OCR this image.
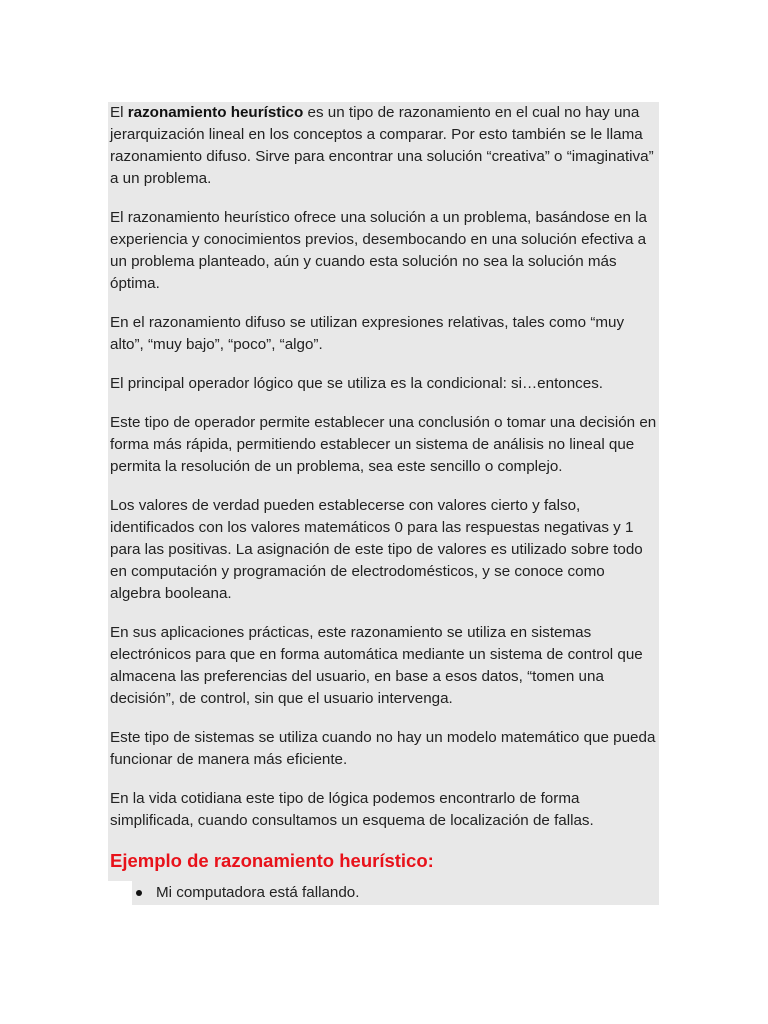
El razonamiento heurístico es un tipo de razonamiento en el cual no hay una jerarquización lineal en los conceptos a comparar. Por esto también se le llama razonamiento difuso. Sirve para encontrar una solución “creativa” o “imaginativa” a un problema.

El razonamiento heurístico ofrece una solución a un problema, basándose en la experiencia y conocimientos previos, desembocando en una solución efectiva a un problema planteado, aún y cuando esta solución no sea la solución más óptima.

En el razonamiento difuso se utilizan expresiones relativas, tales como “muy alto”, “muy bajo”, “poco”, “algo”.

El principal operador lógico que se utiliza es la condicional: si…entonces.

Este tipo de operador permite establecer una conclusión o tomar una decisión en forma más rápida, permitiendo establecer un sistema de análisis no lineal que permita la resolución de un problema, sea este sencillo o complejo.

Los valores de verdad pueden establecerse con valores cierto y falso, identificados con los valores matemáticos 0 para las respuestas negativas y 1 para las positivas. La asignación de este tipo de valores es utilizado sobre todo en computación y programación de electrodomésticos, y se conoce como algebra booleana.

En sus aplicaciones prácticas, este razonamiento se utiliza en sistemas electrónicos para que en forma automática mediante un sistema de control que almacena las preferencias del usuario, en base a esos datos, “tomen una decisión”, de control, sin que el usuario intervenga.

Este tipo de sistemas se utiliza cuando no hay un modelo matemático que pueda funcionar de manera más eficiente.

En la vida cotidiana este tipo de lógica podemos encontrarlo de forma simplificada, cuando consultamos un esquema de localización de fallas.

Ejemplo de razonamiento heurístico:
Mi computadora está fallando.
